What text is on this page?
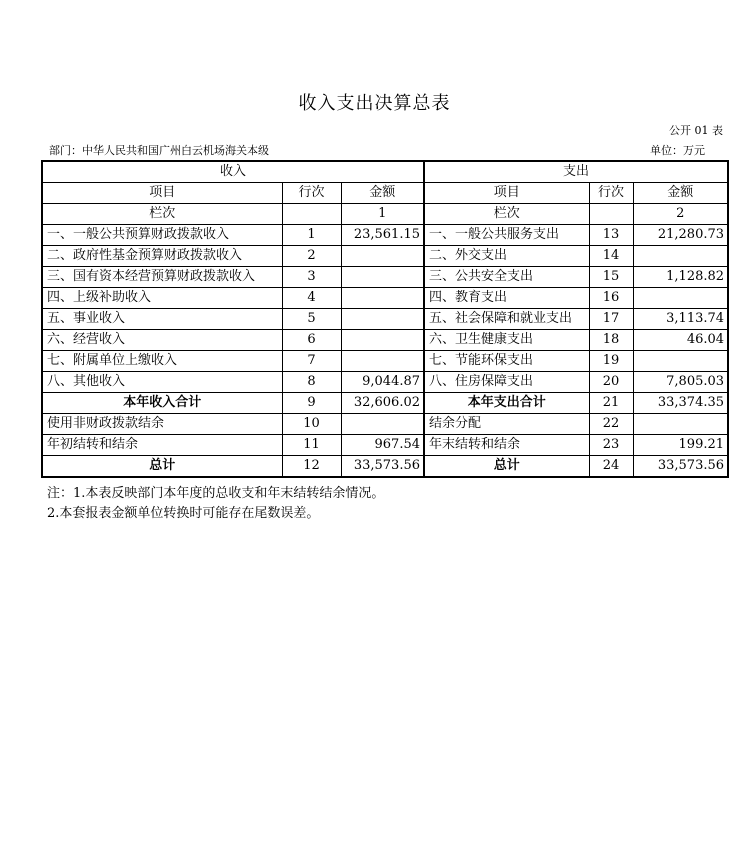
收入支出决算总表
公开 01 表
部门：中华人民共和国广州白云机场海关本级	单位：万元
收入			支出		
项目	行次	金额	项目	行次	金额
栏次		1	栏次		2
一、一般公共预算财政拨款收入	1	23,561.15	一、一般公共服务支出	13	21,280.73
二、政府性基金预算财政拨款收入	2		二、外交支出	14	
三、国有资本经营预算财政拨款收入	3		三、公共安全支出	15	1,128.82
四、上级补助收入	4		四、教育支出	16	
五、事业收入	5		五、社会保障和就业支出	17	3,113.74
六、经营收入	6		六、卫生健康支出	18	46.04
七、附属单位上缴收入	7		七、节能环保支出	19	
八、其他收入	8	9,044.87	八、住房保障支出	20	7,805.03
本年收入合计	9	32,606.02	本年支出合计	21	33,374.35
使用非财政拨款结余	10		结余分配	22	
年初结转和结余	11	967.54	年末结转和结余	23	199.21
总计	12	33,573.56	总计	24	33,573.56
注：1.本表反映部门本年度的总收支和年末结转结余情况。
2.本套报表金额单位转换时可能存在尾数误差。
